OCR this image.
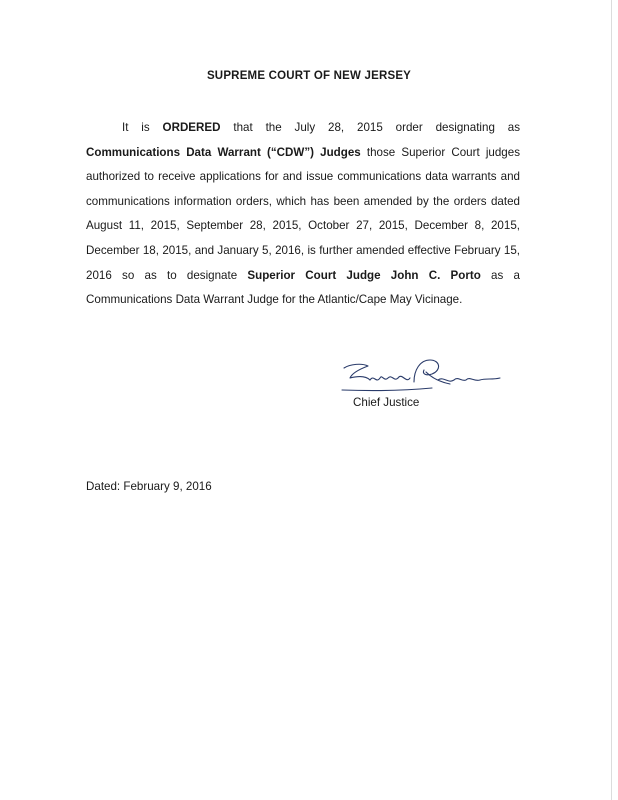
SUPREME COURT OF NEW JERSEY

It is ORDERED that the July 28, 2015 order designating as Communications Data Warrant (“CDW”) Judges those Superior Court judges authorized to receive applications for and issue communications data warrants and communications information orders, which has been amended by the orders dated August 11, 2015, September 28, 2015, October 27, 2015, December 8, 2015, December 18, 2015, and January 5, 2016, is further amended effective February 15, 2016 so as to designate Superior Court Judge John C. Porto as a Communications Data Warrant Judge for the Atlantic/Cape May Vicinage.

Chief Justice
Dated: February 9, 2016
